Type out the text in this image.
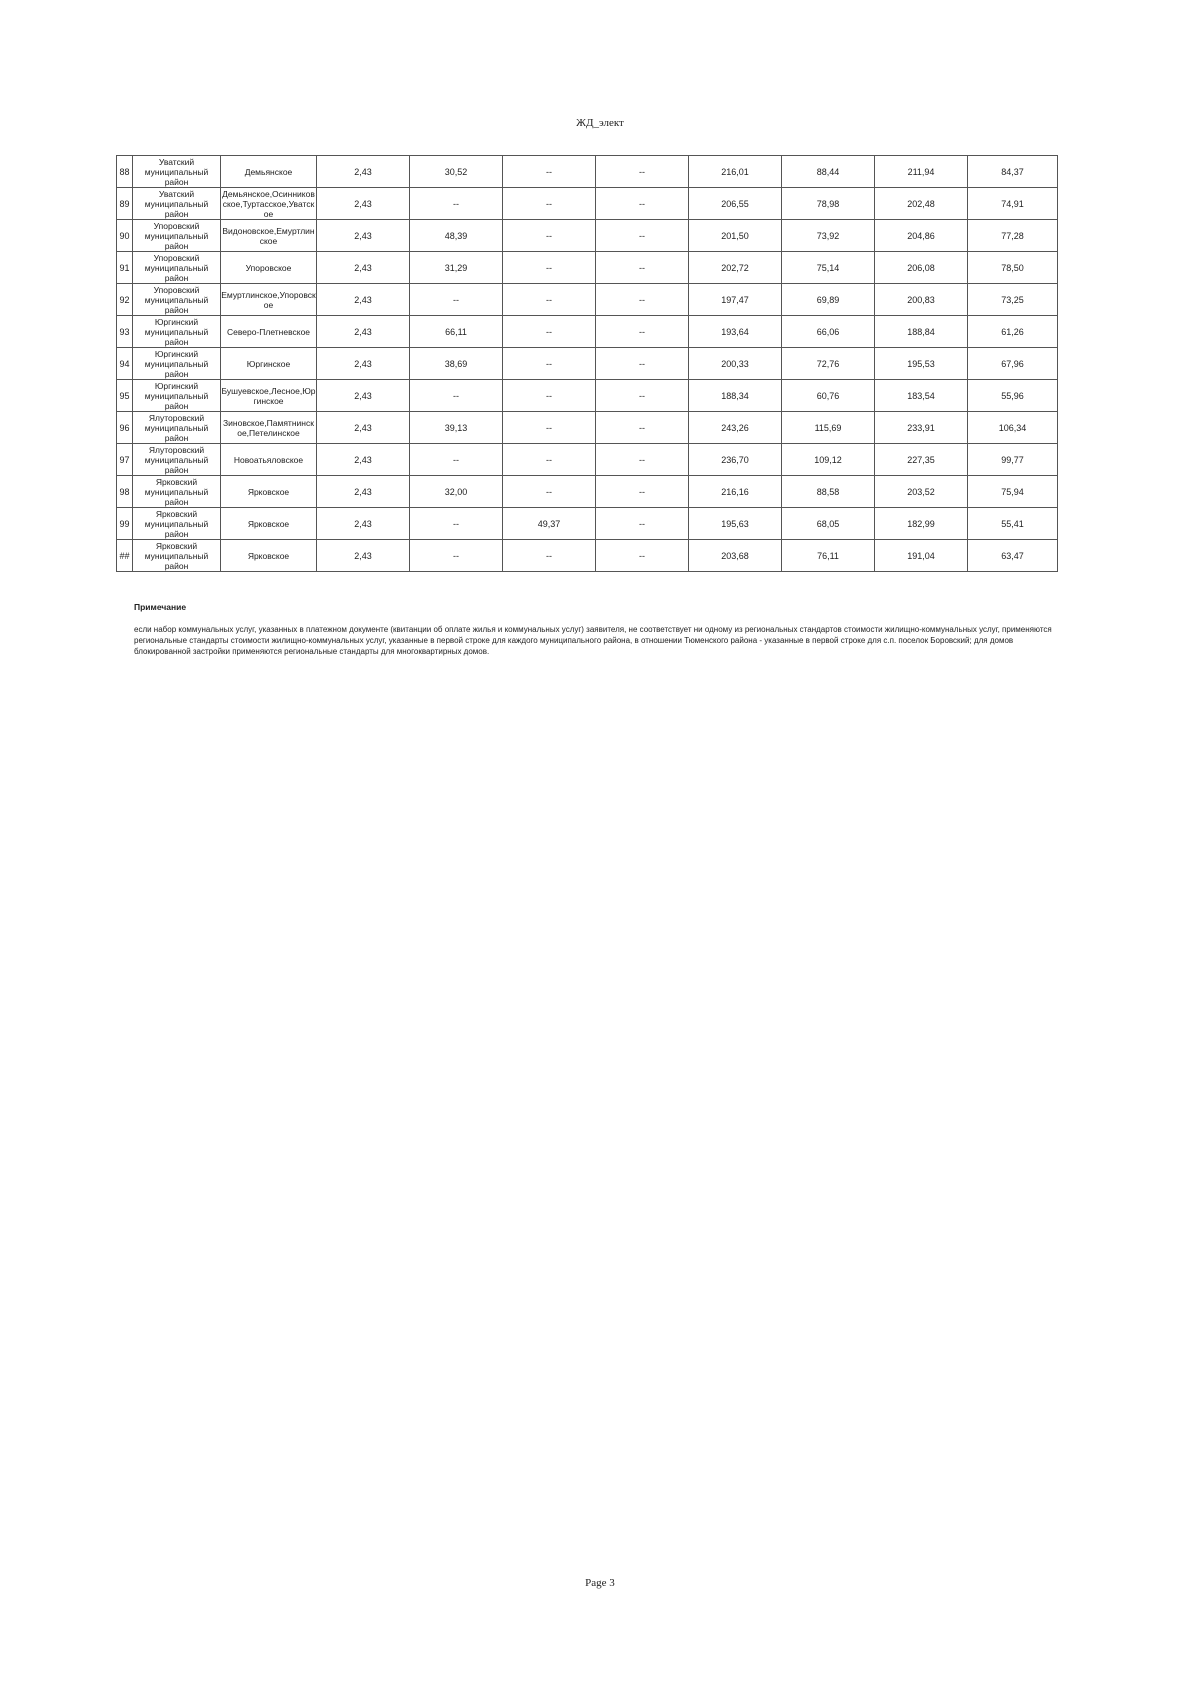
ЖД_элект
88	Уватский муниципальный район	Демьянское	2,43	30,52	--	--	216,01	88,44	211,94	84,37
89	Уватский муниципальный район	Демьянское,Осинниковское,Туртасское,Уватское	2,43	--	--	--	206,55	78,98	202,48	74,91
90	Упоровский муниципальный район	Видоновское,Емуртлинское	2,43	48,39	--	--	201,50	73,92	204,86	77,28
91	Упоровский муниципальный район	Упоровское	2,43	31,29	--	--	202,72	75,14	206,08	78,50
92	Упоровский муниципальный район	Емуртлинское,Упоровское	2,43	--	--	--	197,47	69,89	200,83	73,25
93	Юргинский муниципальный район	Северо-Плетневское	2,43	66,11	--	--	193,64	66,06	188,84	61,26
94	Юргинский муниципальный район	Юргинское	2,43	38,69	--	--	200,33	72,76	195,53	67,96
95	Юргинский муниципальный район	Бушуевское,Лесное,Юргинское	2,43	--	--	--	188,34	60,76	183,54	55,96
96	Ялуторовский муниципальный район	Зиновское,Памятнинское,Петелинское	2,43	39,13	--	--	243,26	115,69	233,91	106,34
97	Ялуторовский муниципальный район	Новоатьяловское	2,43	--	--	--	236,70	109,12	227,35	99,77
98	Ярковский муниципальный район	Ярковское	2,43	32,00	--	--	216,16	88,58	203,52	75,94
99	Ярковский муниципальный район	Ярковское	2,43	--	49,37	--	195,63	68,05	182,99	55,41
##	Ярковский муниципальный район	Ярковское	2,43	--	--	--	203,68	76,11	191,04	63,47
Примечание
если набор коммунальных услуг, указанных в платежном документе (квитанции об оплате жилья и коммунальных услуг) заявителя, не соответствует ни одному из региональных стандартов стоимости жилищно-коммунальных услуг, применяются региональные стандарты стоимости жилищно-коммунальных услуг, указанные в первой строке для каждого муниципального района, в отношении Тюменского района - указанные в первой строке для с.п. поселок Боровский; для домов блокированной застройки применяются региональные стандарты для многоквартирных домов.
Page 3
